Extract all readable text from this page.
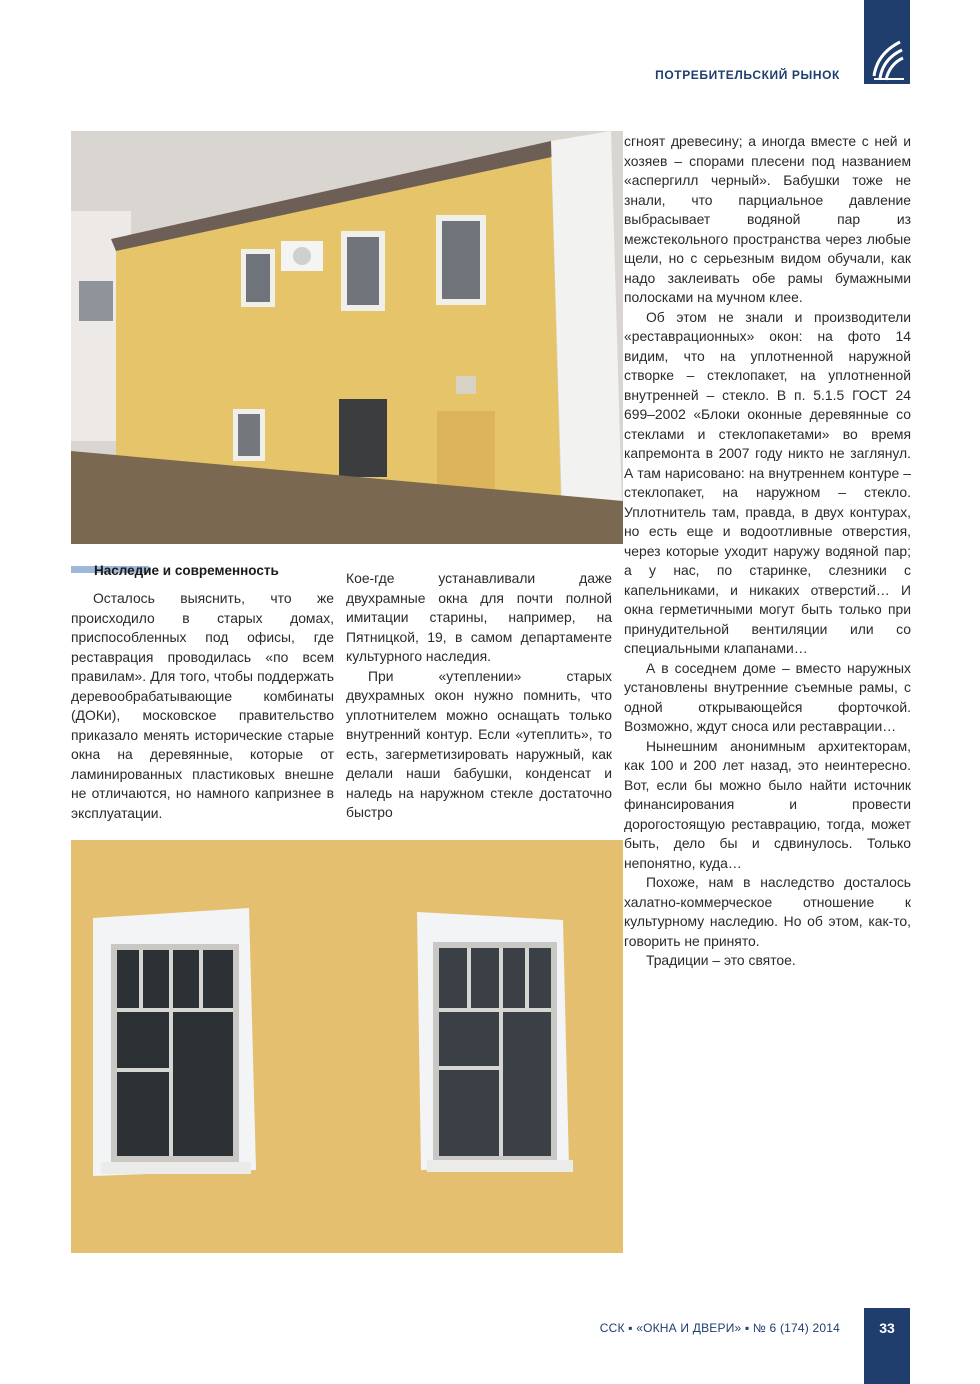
ПОТРЕБИТЕЛЬСКИЙ РЫНОК
Наследие и современность

Осталось выяснить, что же происходило в старых домах, приспособленных под офисы, где реставрация проводилась «по всем правилам». Для того, чтобы поддержать деревообрабатывающие комбинаты (ДОКи), московское правительство приказало менять исторические старые окна на деревянные, которые от ламинированных пластиковых внешне не отличаются, но намного капризнее в эксплуатации.

Кое-где устанавливали даже двухрамные окна для почти полной имитации старины, например, на Пятницкой, 19, в самом департаменте культурного наследия.

При «утеплении» старых двухрамных окон нужно помнить, что уплотнителем можно оснащать только внутренний контур. Если «утеплить», то есть, загерметизировать наружный, как делали наши бабушки, конденсат и наледь на наружном стекле достаточно быстро

сгноят древесину; а иногда вместе с ней и хозяев – спорами плесени под названием «аспергилл черный». Бабушки тоже не знали, что парциальное давление выбрасывает водяной пар из межстекольного пространства через любые щели, но с серьезным видом обучали, как надо заклеивать обе рамы бумажными полосками на мучном клее.

Об этом не знали и производители «реставрационных» окон: на фото 14 видим, что на уплотненной наружной створке – стеклопакет, на уплотненной внутренней – стекло. В п. 5.1.5 ГОСТ 24 699–2002 «Блоки оконные деревянные со стеклами и стеклопакетами» во время капремонта в 2007 году никто не заглянул. А там нарисовано: на внутреннем контуре – стеклопакет, на наружном – стекло. Уплотнитель там, правда, в двух контурах, но есть еще и водоотливные отверстия, через которые уходит наружу водяной пар; а у нас, по старинке, слезники с капельниками, и никаких отверстий… И окна герметичными могут быть только при принудительной вентиляции или со специальными клапанами…

А в соседнем доме – вместо наружных установлены внутренние съемные рамы, с одной открывающейся форточкой. Возможно, ждут сноса или реставрации…

Нынешним анонимным архитекторам, как 100 и 200 лет назад, это неинтересно. Вот, если бы можно было найти источник финансирования и провести дорогостоящую реставрацию, тогда, может быть, дело бы и сдвинулось. Только непонятно, куда…

Похоже, нам в наследство досталось халатно-коммерческое отношение к культурному наследию. Но об этом, как-то, говорить не принято.

Традиции – это святое.

ССК ▪ «ОКНА И ДВЕРИ» ▪ № 6 (174) 2014	33
